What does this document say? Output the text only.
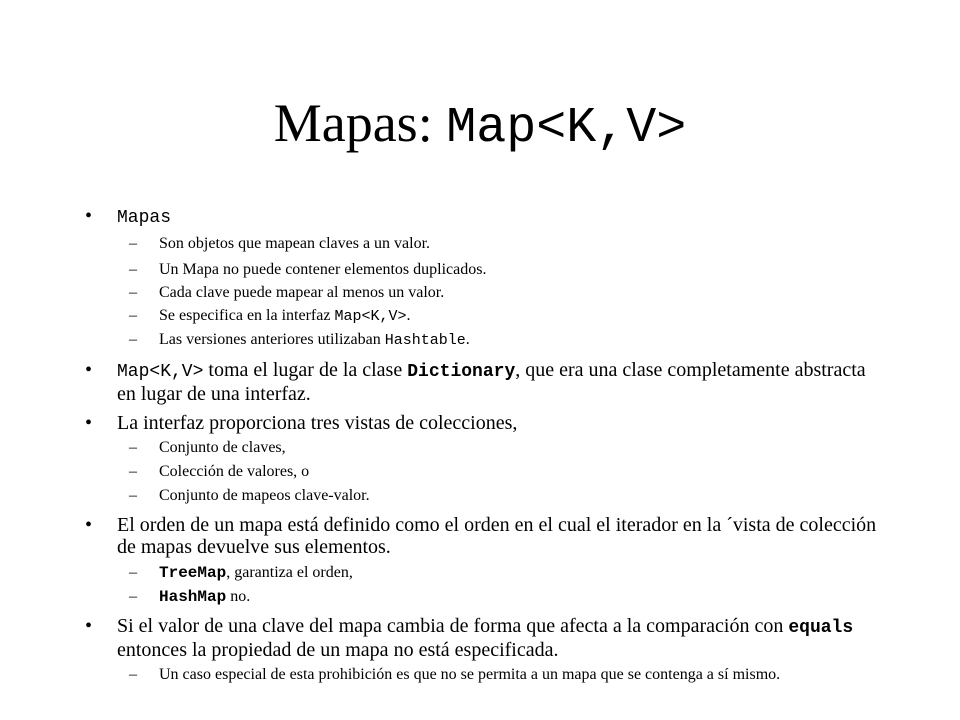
Mapas: Map<K,V>
• Mapas
– Son objetos que mapean claves a un valor.
– Un Mapa no puede contener elementos duplicados.
– Cada clave puede mapear al menos un valor.
– Se especifica en la interfaz Map<K,V>.
– Las versiones anteriores utilizaban Hashtable.
• Map<K,V> toma el lugar de la clase Dictionary, que era una clase completamente abstracta en lugar de una interfaz.
• La interfaz proporciona tres vistas de colecciones,
– Conjunto de claves,
– Colección de valores, o
– Conjunto de mapeos clave-valor.
• El orden de un mapa está definido como el orden en el cual el iterador en la ´vista de colección de mapas devuelve sus elementos.
– TreeMap, garantiza el orden,
– HashMap no.
• Si el valor de una clave del mapa cambia de forma que afecta a la comparación con equals entonces la propiedad de un mapa no está especificada.
– Un caso especial de esta prohibición es que no se permita a un mapa que se contenga a sí mismo.
